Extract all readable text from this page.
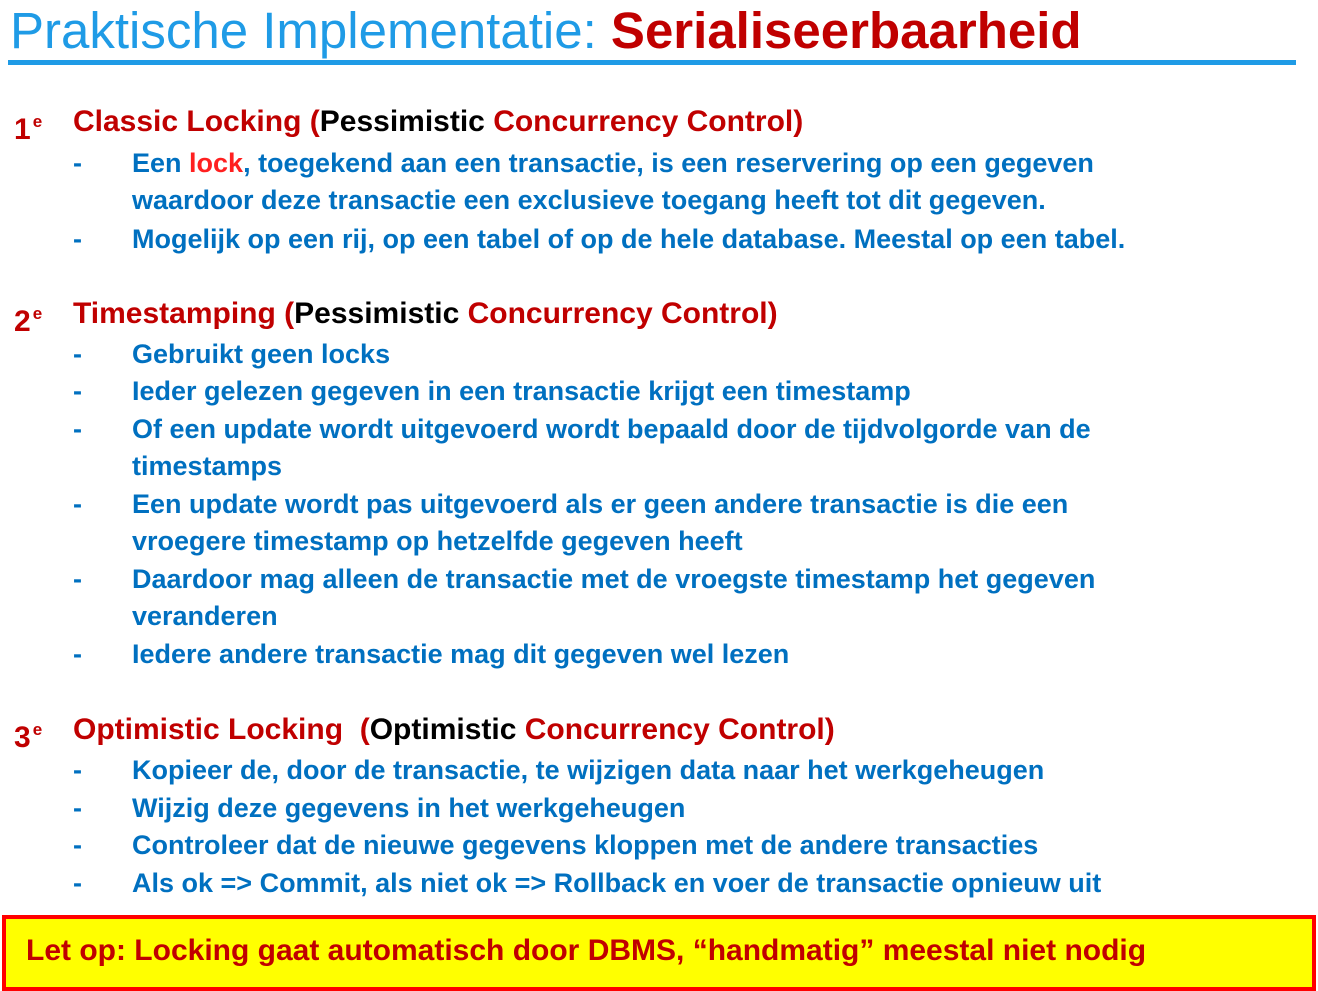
Praktische Implementatie: Serialiseerbaarheid
1 $^e$ Classic Locking (Pessimistic Concurrency Control)
- Een lock, toegekend aan een transactie, is een reservering op een gegeven
waardoor deze transactie een exclusieve toegang heeft tot dit gegeven.
- Mogelijk op een rij, op een tabel of op de hele database. Meestal op een tabel.
2 $^e$ Timestamping (Pessimistic Concurrency Control)
- Gebruikt geen locks
- Ieder gelezen gegeven in een transactie krijgt een timestamp
- Of een update wordt uitgevoerd wordt bepaald door de tijdvolgorde van de
timestamps
- Een update wordt pas uitgevoerd als er geen andere transactie is die een
vroegere timestamp op hetzelfde gegeven heeft
- Daardoor mag alleen de transactie met de vroegste timestamp het gegeven
veranderen
- Iedere andere transactie mag dit gegeven wel lezen
3 $^e$ Optimistic Locking  (Optimistic Concurrency Control)
- Kopieer de, door de transactie, te wijzigen data naar het werkgeheugen
- Wijzig deze gegevens in het werkgeheugen
- Controleer dat de nieuwe gegevens kloppen met de andere transacties
- Als ok => Commit, als niet ok => Rollback en voer de transactie opnieuw uit
Let op: Locking gaat automatisch door DBMS, “handmatig” meestal niet nodig
